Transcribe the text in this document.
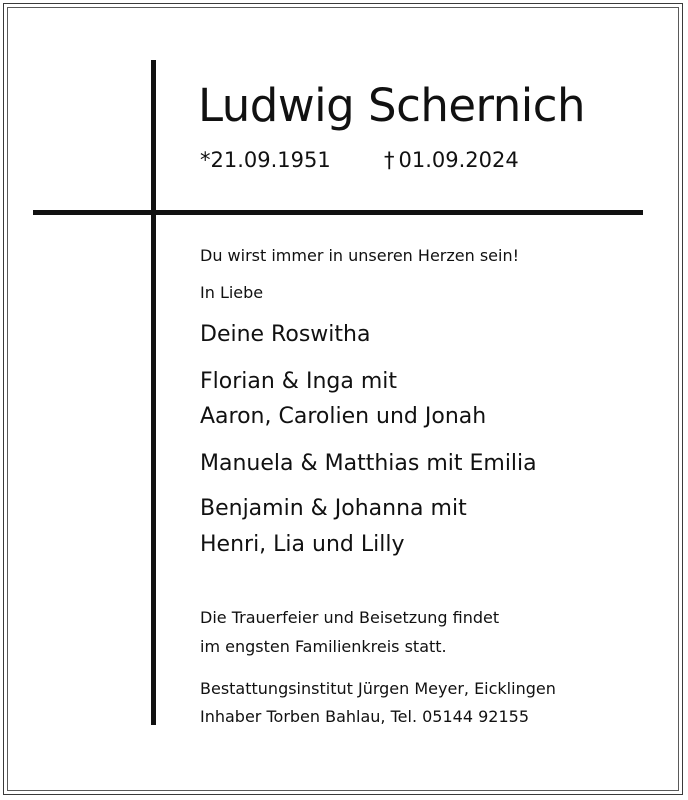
Ludwig Schernich
*21.09.1951	† 01.09.2024
Du wirst immer in unseren Herzen sein!
In Liebe
Deine Roswitha
Florian & Inga mit
Aaron, Carolien und Jonah
Manuela & Matthias mit Emilia
Benjamin & Johanna mit
Henri, Lia und Lilly
Die Trauerfeier und Beisetzung findet
im engsten Familienkreis statt.
Bestattungsinstitut Jürgen Meyer, Eicklingen
Inhaber Torben Bahlau, Tel. 05144 92155
